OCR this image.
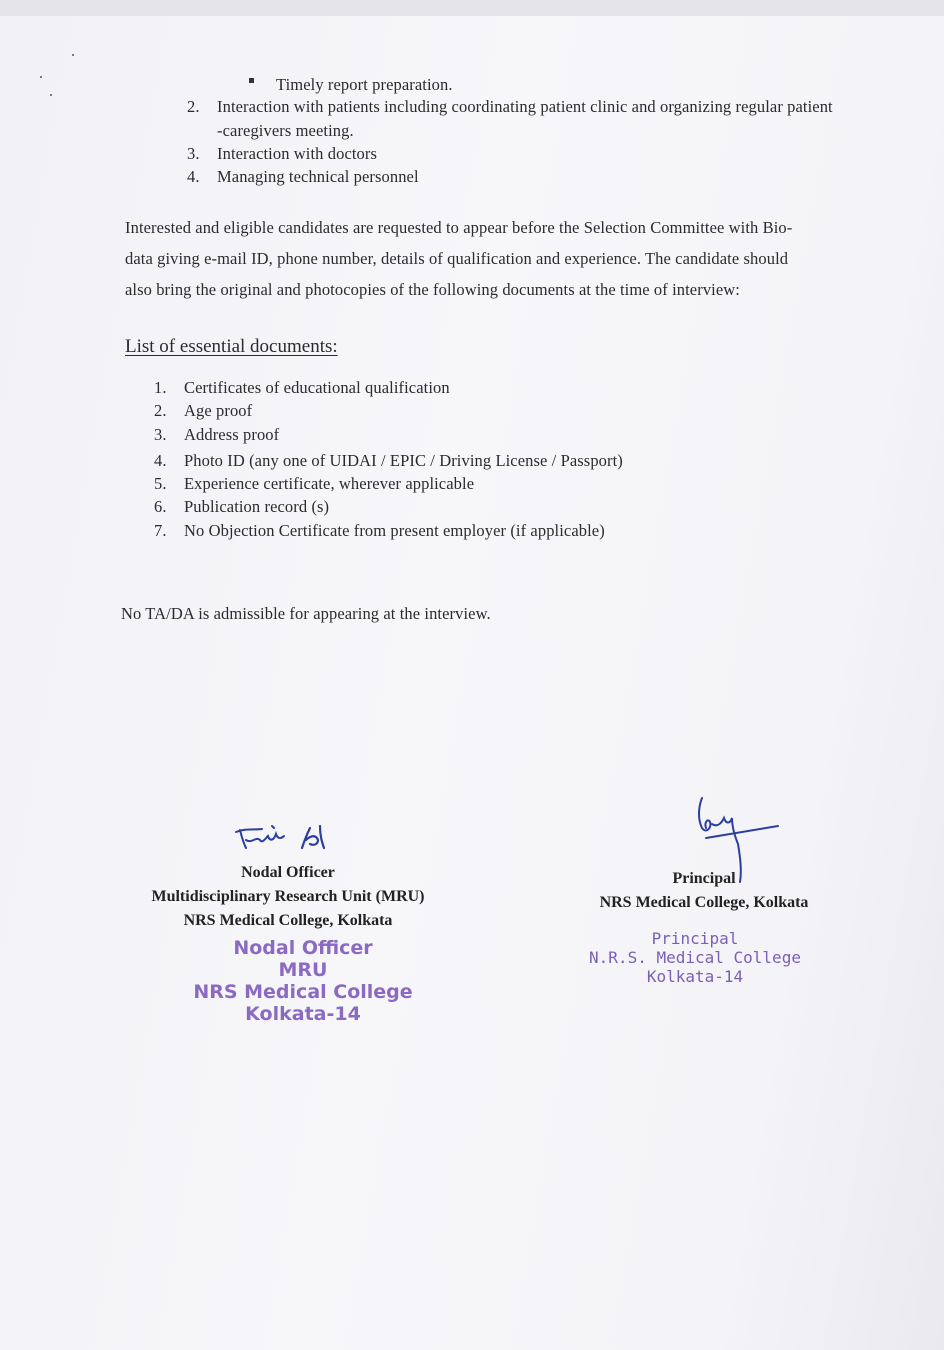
Timely report preparation.
2. Interaction with patients including coordinating patient clinic and organizing regular patient
-caregivers meeting.
3. Interaction with doctors
4. Managing technical personnel
Interested and eligible candidates are requested to appear before the Selection Committee with Bio-
data giving e-mail ID, phone number, details of qualification and experience. The candidate should
also bring the original and photocopies of the following documents at the time of interview:
List of essential documents:
1. Certificates of educational qualification
2. Age proof
3. Address proof
4. Photo ID (any one of UIDAI / EPIC / Driving License / Passport)
5. Experience certificate, wherever applicable
6. Publication record (s)
7. No Objection Certificate from present employer (if applicable)
No TA/DA is admissible for appearing at the interview.
Nodal Officer
Multidisciplinary Research Unit (MRU)
NRS Medical College, Kolkata
Nodal Officer
MRU
NRS Medical College
Kolkata-14
Principal
NRS Medical College, Kolkata
Principal
N.R.S. Medical College
Kolkata-14
